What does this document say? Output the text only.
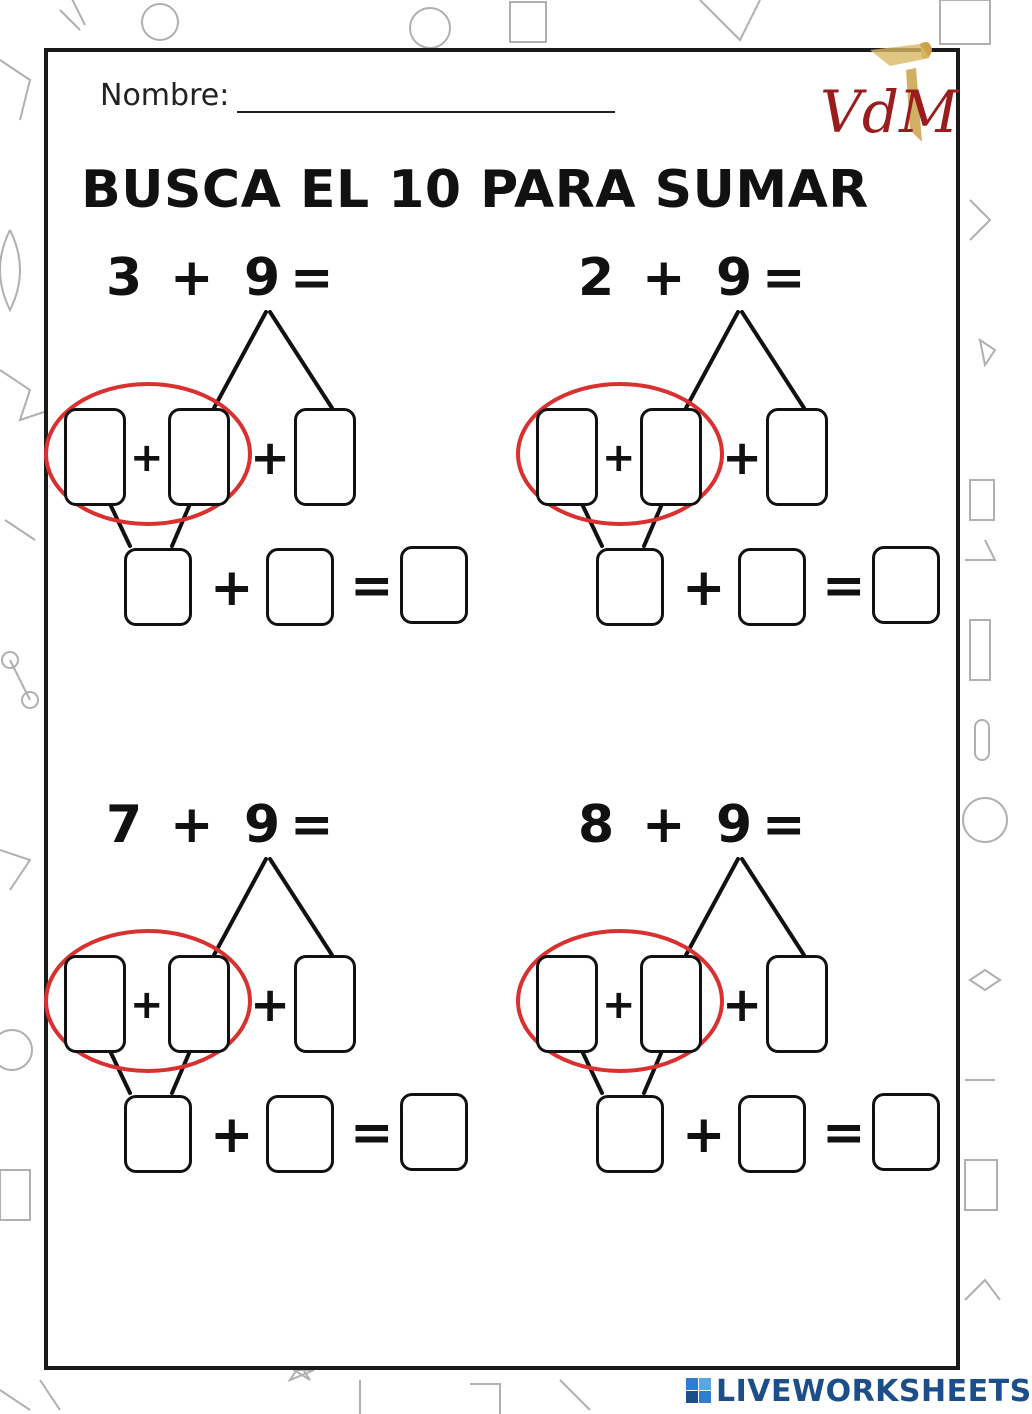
Nombre:	VdM
BUSCA EL 10 PARA SUMAR
3 + 9 =
+ +
+ =
2 + 9 =
+ +
+ =
7 + 9 =
+ +
+ =
8 + 9 =
+ +
+ =
LIVEWORKSHEETS
